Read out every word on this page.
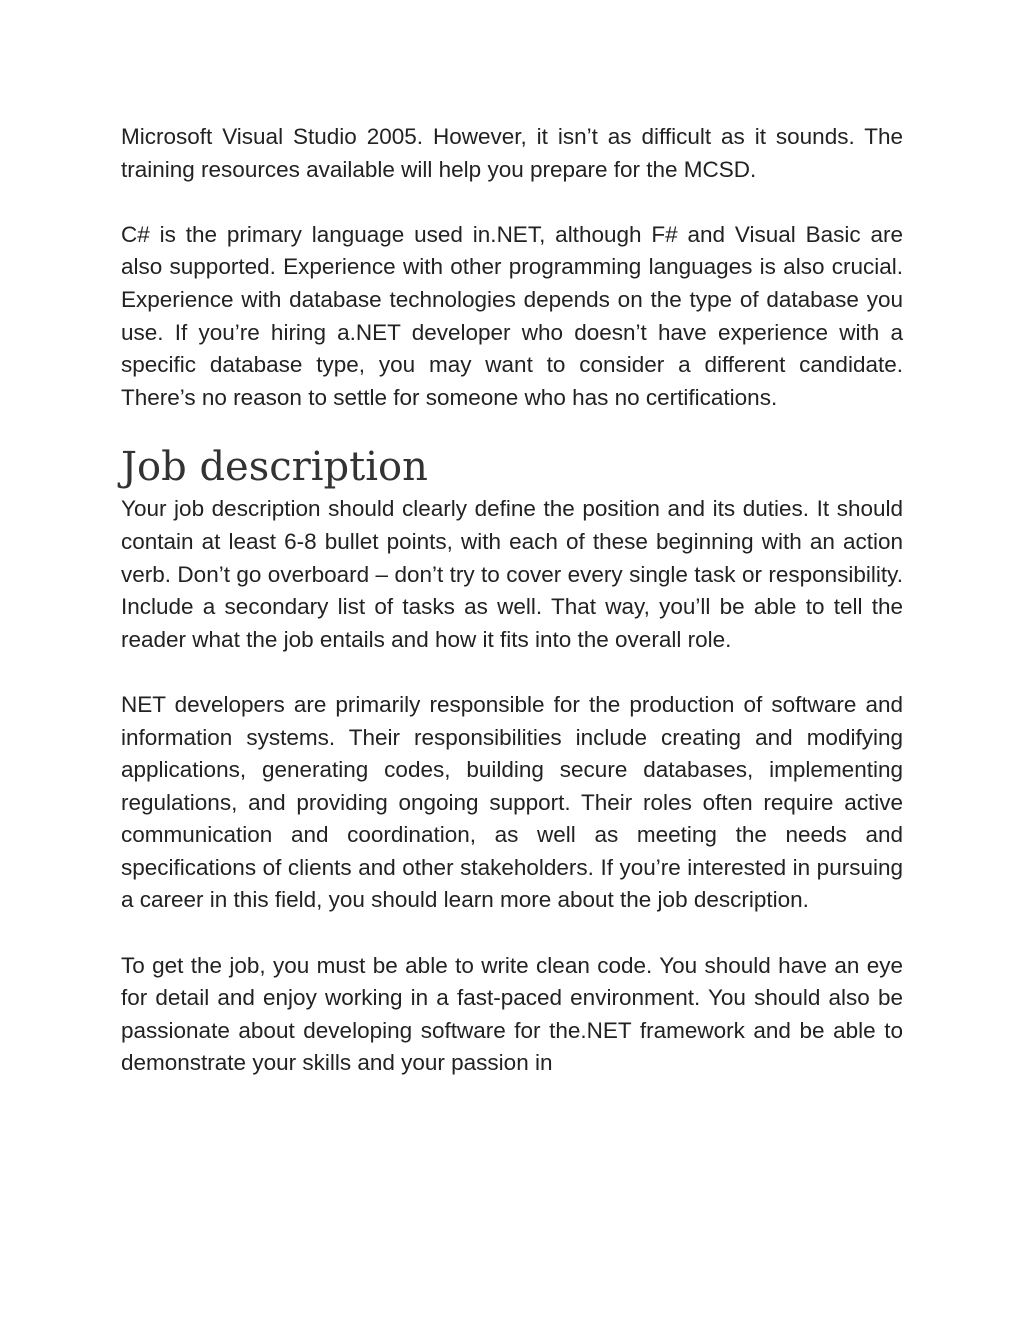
Microsoft Visual Studio 2005. However, it isn’t as difficult as it sounds. The training resources available will help you prepare for the MCSD.

C# is the primary language used in.NET, although F# and Visual Basic are also supported. Experience with other programming languages is also crucial. Experience with database technologies depends on the type of database you use. If you’re hiring a.NET developer who doesn’t have experience with a specific database type, you may want to consider a different candidate. There’s no reason to settle for someone who has no certifications.

Job description

Your job description should clearly define the position and its duties. It should contain at least 6-8 bullet points, with each of these beginning with an action verb. Don’t go overboard – don’t try to cover every single task or responsibility. Include a secondary list of tasks as well. That way, you’ll be able to tell the reader what the job entails and how it fits into the overall role.

NET developers are primarily responsible for the production of software and information systems. Their responsibilities include creating and modifying applications, generating codes, building secure databases, implementing regulations, and providing ongoing support. Their roles often require active communication and coordination, as well as meeting the needs and specifications of clients and other stakeholders. If you’re interested in pursuing a career in this field, you should learn more about the job description.

To get the job, you must be able to write clean code. You should have an eye for detail and enjoy working in a fast-paced environment. You should also be passionate about developing software for the.NET framework and be able to demonstrate your skills and your passion in
